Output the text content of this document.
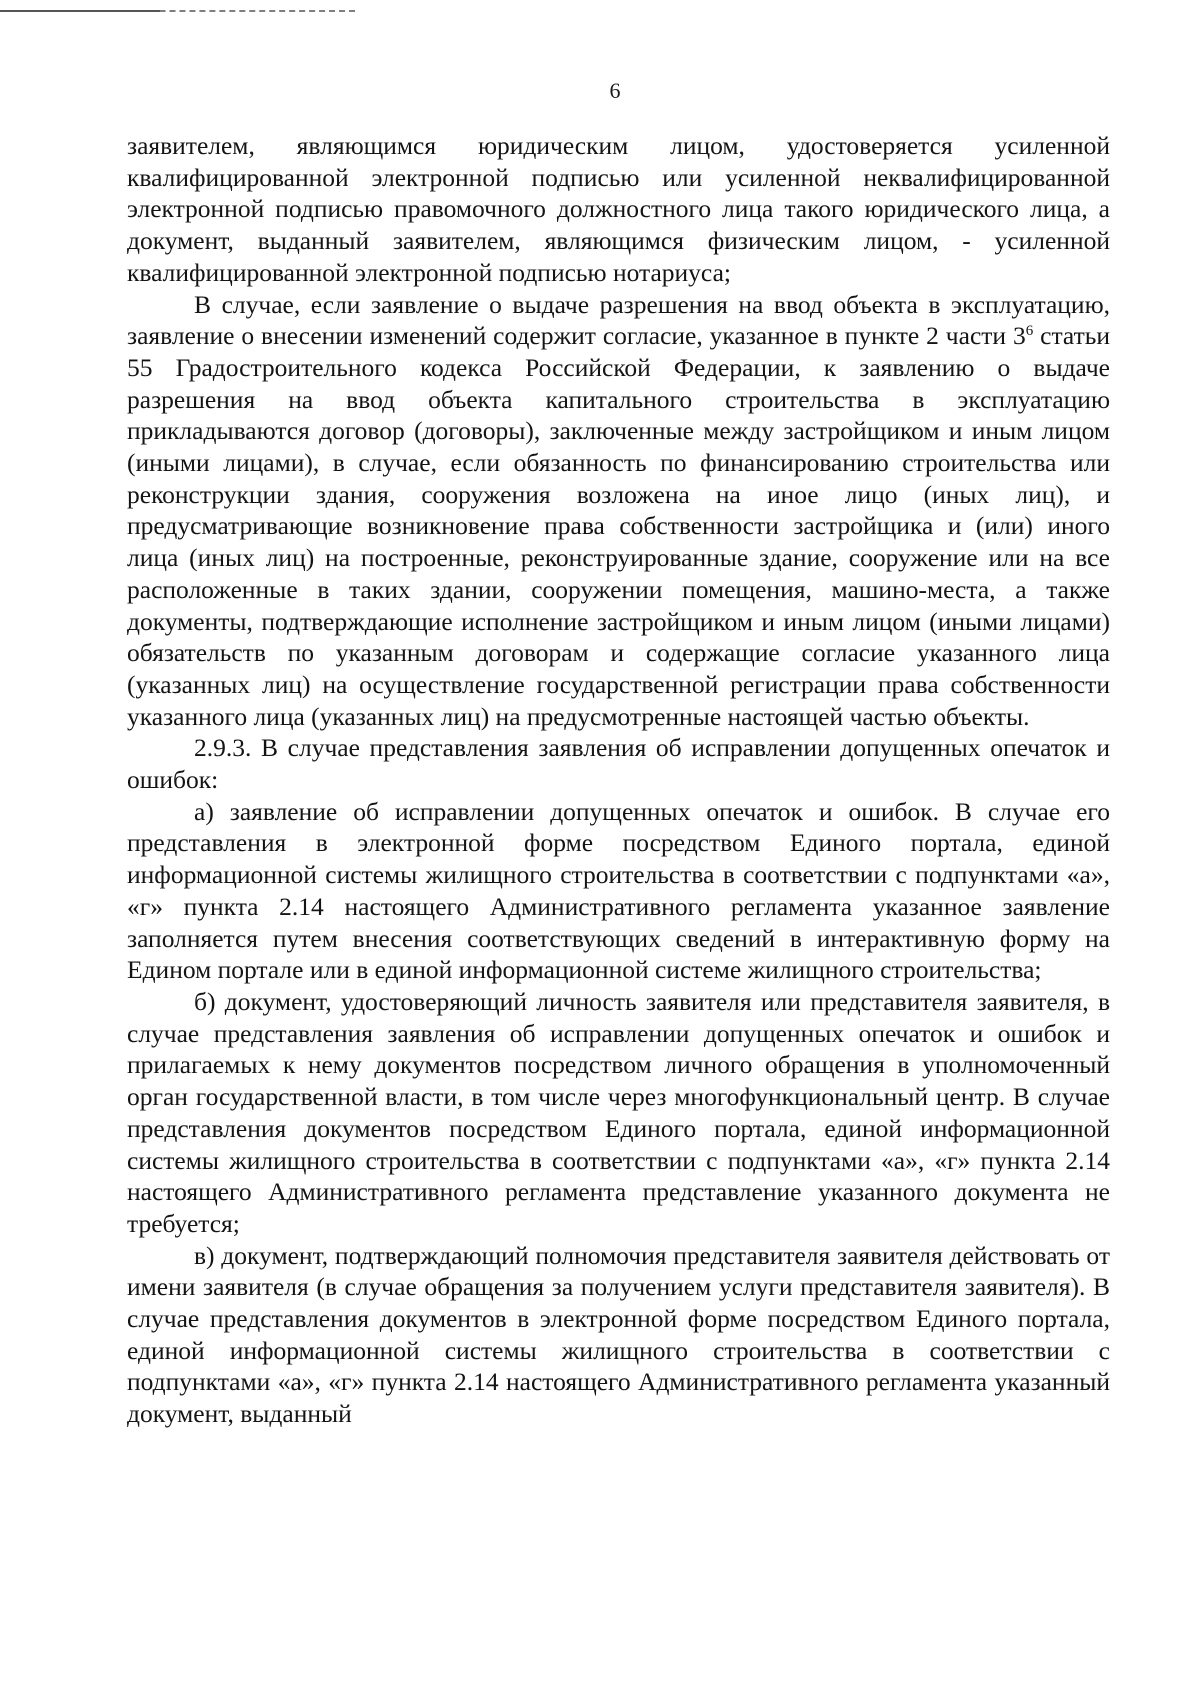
6

заявителем, являющимся юридическим лицом, удостоверяется усиленной квалифицированной электронной подписью или усиленной неквалифицированной электронной подписью правомочного должностного лица такого юридического лица, а документ, выданный заявителем, являющимся физическим лицом, - усиленной квалифицированной электронной подписью нотариуса;

В случае, если заявление о выдаче разрешения на ввод объекта в эксплуатацию, заявление о внесении изменений содержит согласие, указанное в пункте 2 части $3^6$ статьи 55 Градостроительного кодекса Российской Федерации, к заявлению о выдаче разрешения на ввод объекта капитального строительства в эксплуатацию прикладываются договор (договоры), заключенные между застройщиком и иным лицом (иными лицами), в случае, если обязанность по финансированию строительства или реконструкции здания, сооружения возложена на иное лицо (иных лиц), и предусматривающие возникновение права собственности застройщика и (или) иного лица (иных лиц) на построенные, реконструированные здание, сооружение или на все расположенные в таких здании, сооружении помещения, машино-места, а также документы, подтверждающие исполнение застройщиком и иным лицом (иными лицами) обязательств по указанным договорам и содержащие согласие указанного лица (указанных лиц) на осуществление государственной регистрации права собственности указанного лица (указанных лиц) на предусмотренные настоящей частью объекты.

2.9.3. В случае представления заявления об исправлении допущенных опечаток и ошибок:

а) заявление об исправлении допущенных опечаток и ошибок. В случае его представления в электронной форме посредством Единого портала, единой информационной системы жилищного строительства в соответствии с подпунктами «а», «г» пункта 2.14 настоящего Административного регламента указанное заявление заполняется путем внесения соответствующих сведений в интерактивную форму на Едином портале или в единой информационной системе жилищного строительства;

б) документ, удостоверяющий личность заявителя или представителя заявителя, в случае представления заявления об исправлении допущенных опечаток и ошибок и прилагаемых к нему документов посредством личного обращения в уполномоченный орган государственной власти, в том числе через многофункциональный центр. В случае представления документов посредством Единого портала, единой информационной системы жилищного строительства в соответствии с подпунктами «а», «г» пункта 2.14 настоящего Административного регламента представление указанного документа не требуется;

в) документ, подтверждающий полномочия представителя заявителя действовать от имени заявителя (в случае обращения за получением услуги представителя заявителя). В случае представления документов в электронной форме посредством Единого портала, единой информационной системы жилищного строительства в соответствии с подпунктами «а», «г» пункта 2.14 настоящего Административного регламента указанный документ, выданный
